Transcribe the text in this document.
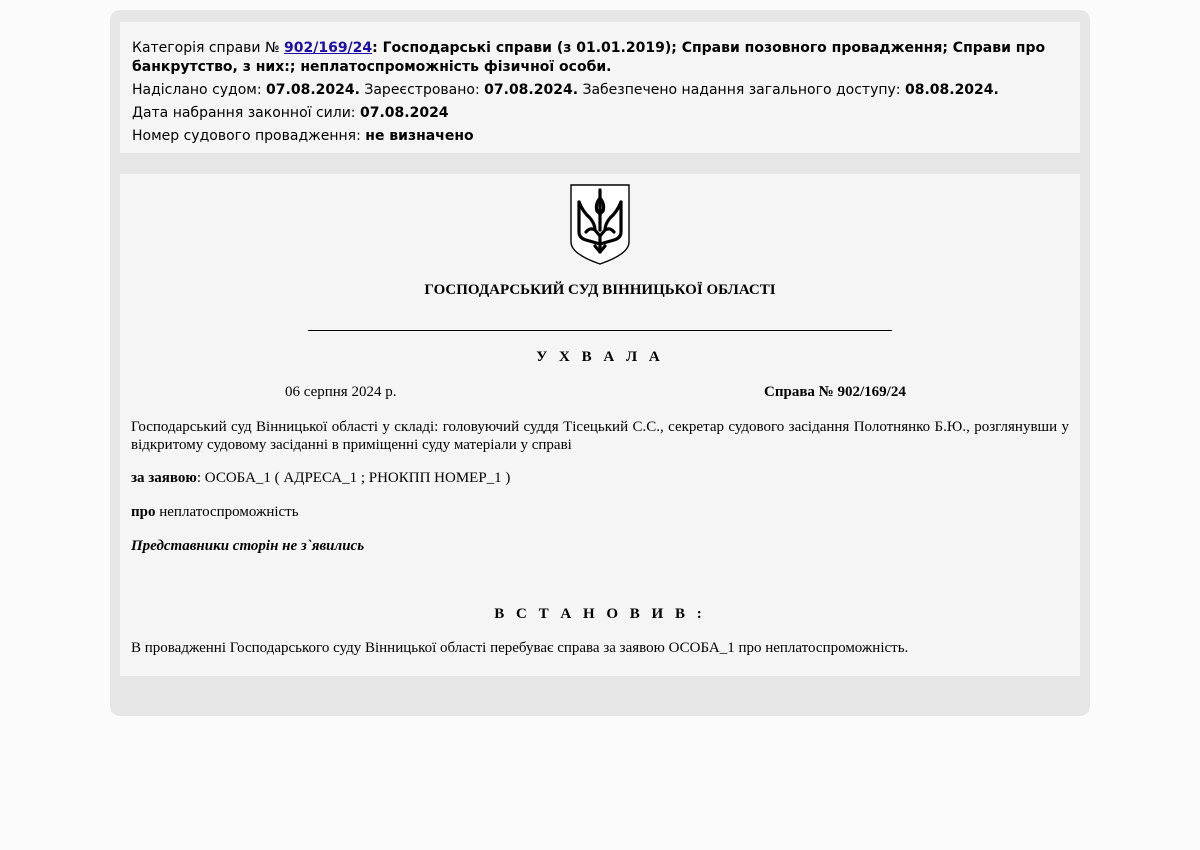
Категорія справи № 902/169/24: Господарські справи (з 01.01.2019); Справи позовного провадження; Справи про банкрутство, з них:; неплатоспроможність фізичної особи.

Надіслано судом: 07.08.2024. Зареєстровано: 07.08.2024. Забезпечено надання загального доступу: 08.08.2024.

Дата набрання законної сили: 07.08.2024

Номер судового провадження: не визначено

ГОСПОДАРСЬКИЙ СУД ВІННИЦЬКОЇ ОБЛАСТІ
У Х В А Л А
06 серпня 2024 р.	Справа № 902/169/24

Господарський суд Вінницької області у складі: головуючий суддя Тісецький С.С., секретар судового засідання Полотнянко Б.Ю., розглянувши у відкритому судовому засіданні в приміщенні суду матеріали у справі

за заявою: ОСОБА_1 ( АДРЕСА_1 ; РНОКПП НОМЕР_1 )

про неплатоспроможність

Представники сторін не з`явились

В С Т А Н О В И В :

В провадженні Господарського суду Вінницької області перебуває справа за заявою ОСОБА_1 про неплатоспроможність.
